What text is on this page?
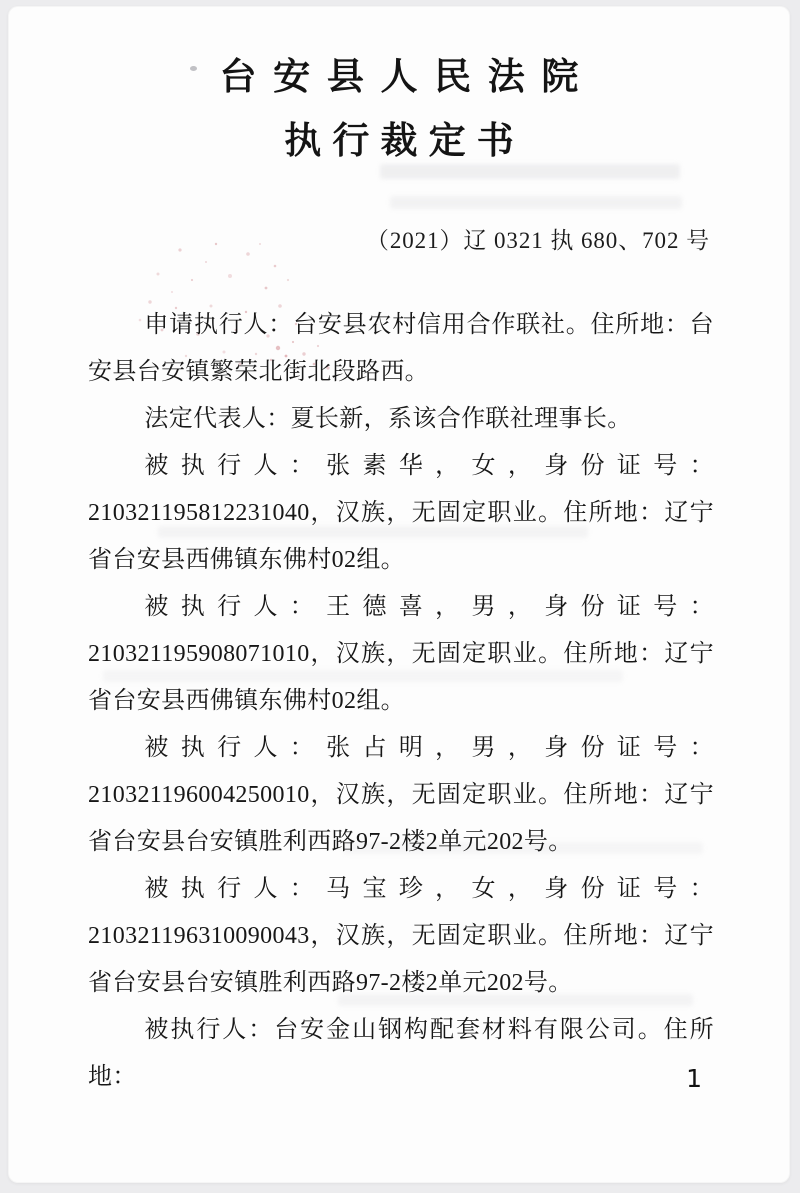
台安县人民法院
执行裁定书
（2021）辽 0321 执 680、702 号

申请执行人：台安县农村信用合作联社。住所地：台安县台安镇繁荣北街北段路西。

法定代表人：夏长新，系该合作联社理事长。

被执行人：张素华，女，身份证号：210321195812231040，汉族，无固定职业。住所地：辽宁省台安县西佛镇东佛村02组。

被执行人：王德喜，男，身份证号：210321195908071010，汉族，无固定职业。住所地：辽宁省台安县西佛镇东佛村02组。

被执行人：张占明，男，身份证号：210321196004250010，汉族，无固定职业。住所地：辽宁省台安县台安镇胜利西路97-2楼2单元202号。

被执行人：马宝珍，女，身份证号：210321196310090043，汉族，无固定职业。住所地：辽宁省台安县台安镇胜利西路97-2楼2单元202号。

被执行人：台安金山钢构配套材料有限公司。住所地：	1
